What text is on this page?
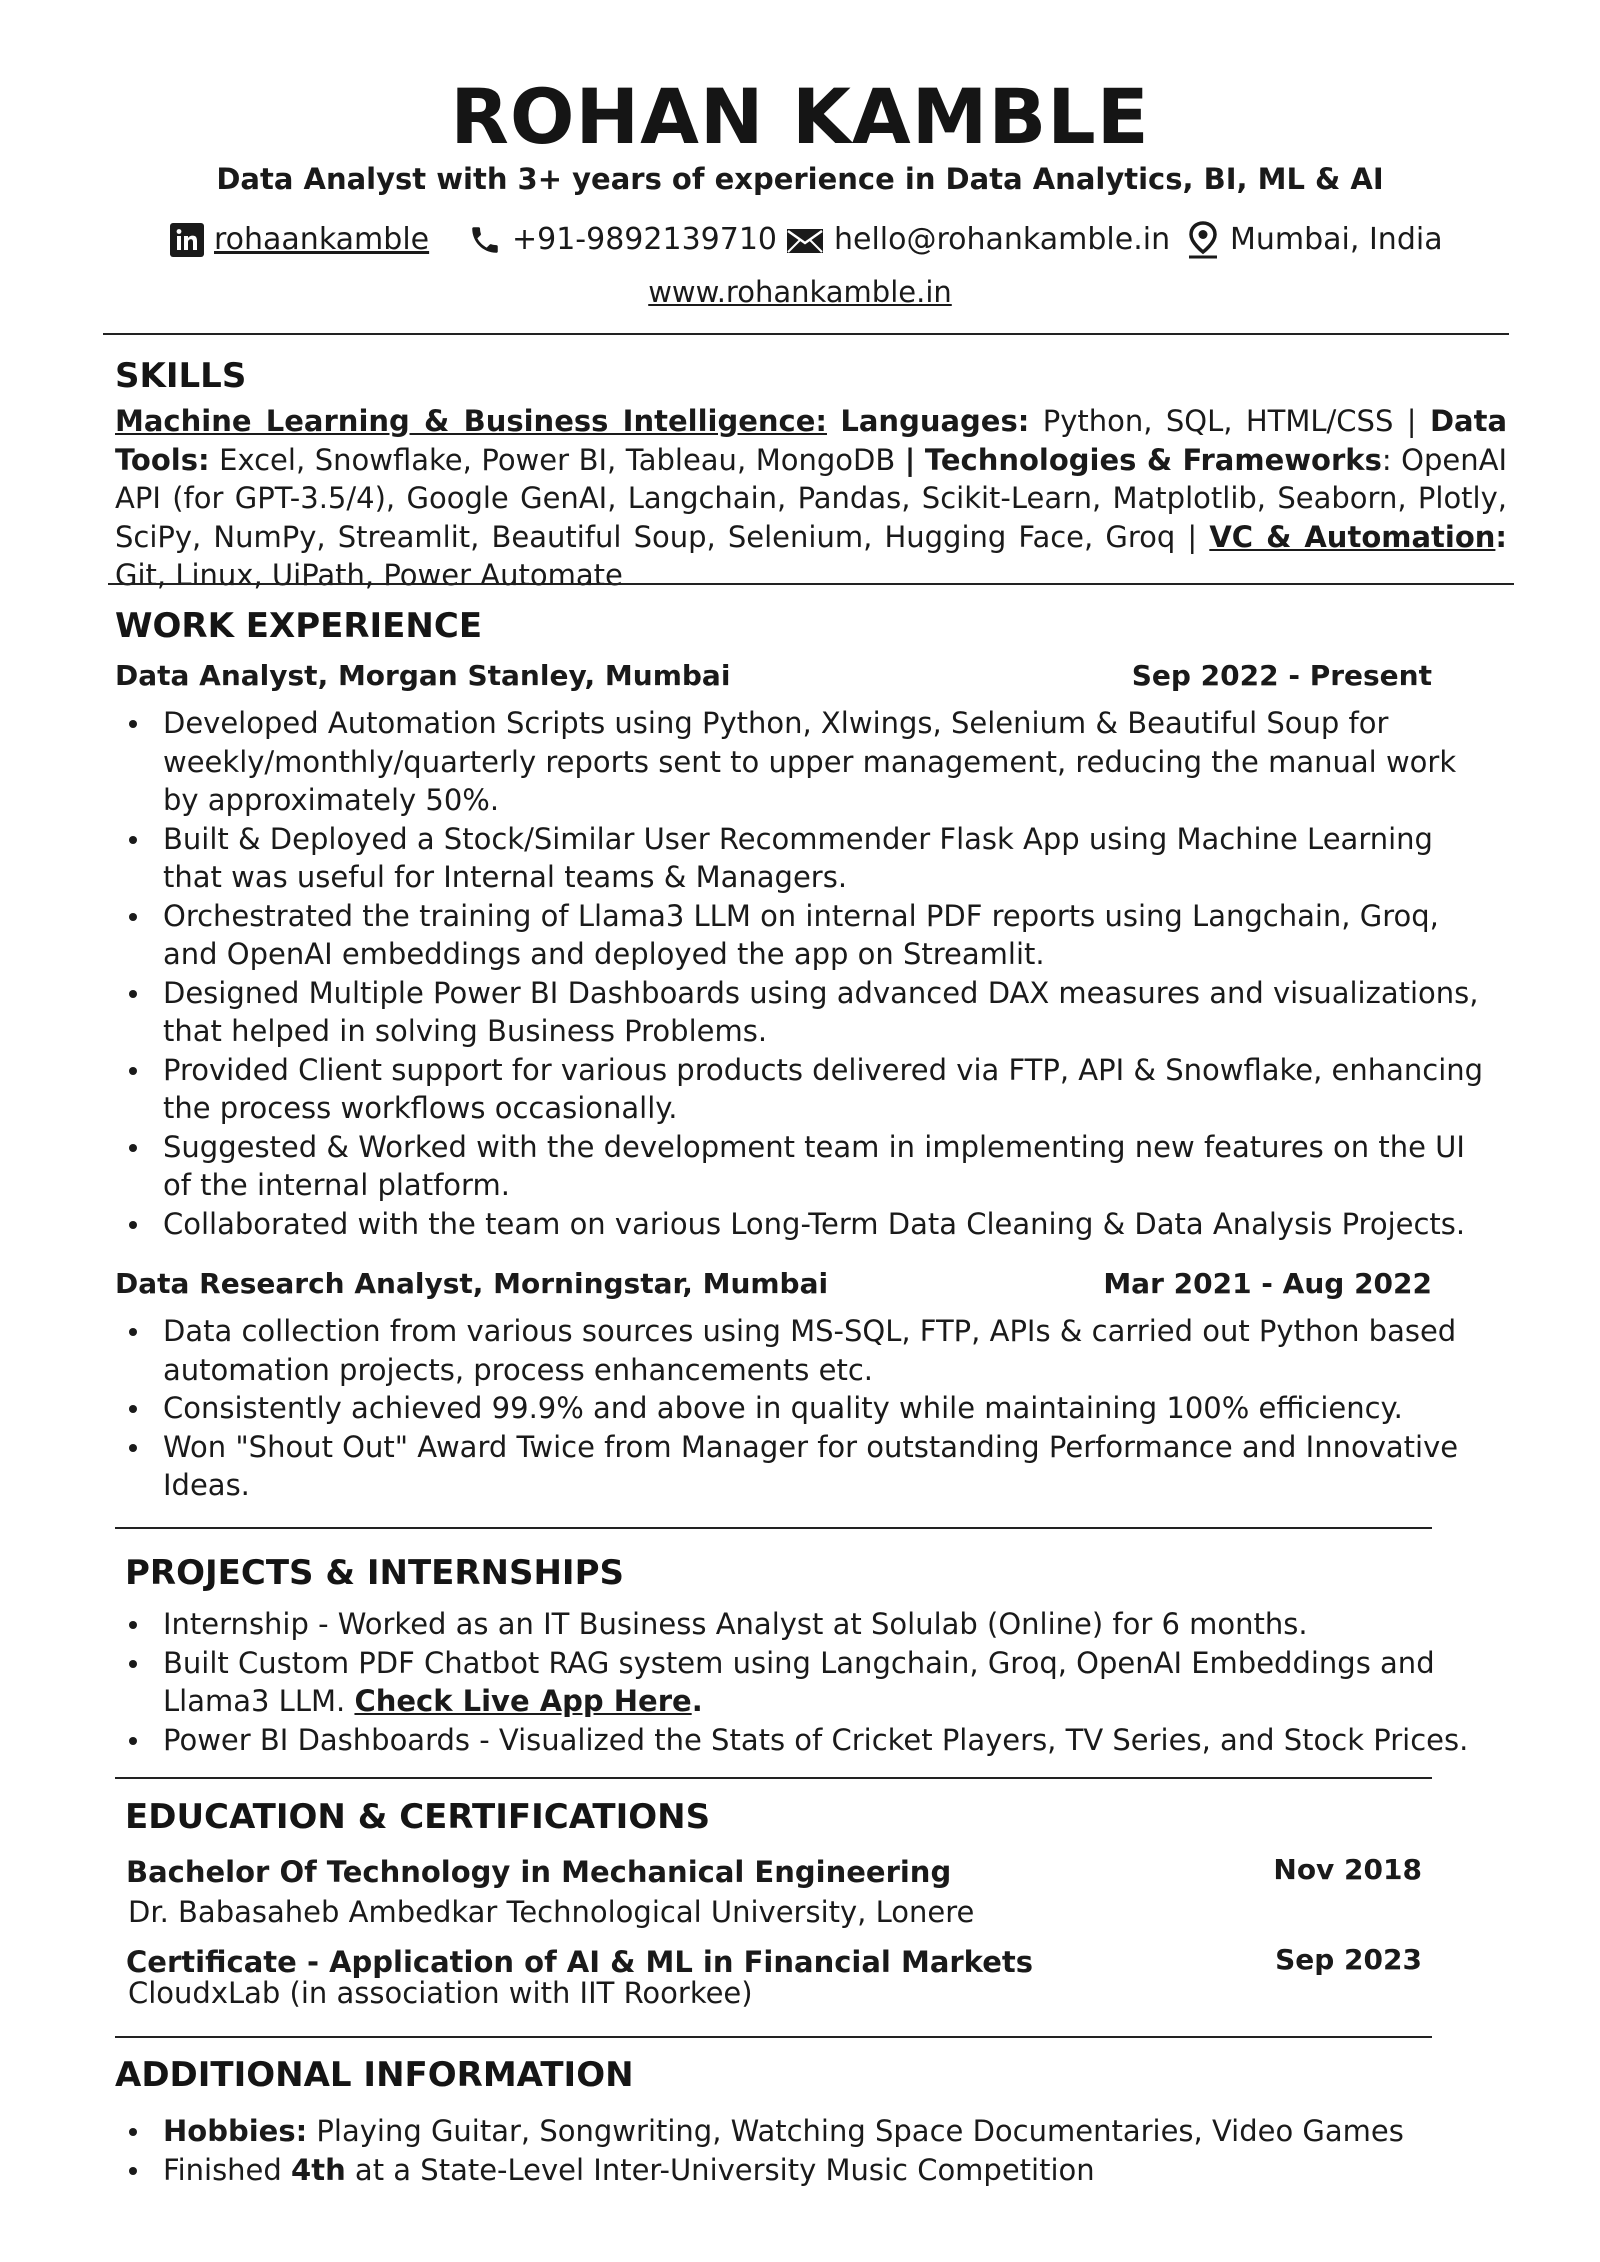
ROHAN KAMBLE
Data Analyst with 3+ years of experience in Data Analytics, BI, ML & AI
rohaankamble	+91-9892139710 hello@rohankamble.in Mumbai, India
www.rohankamble.in
SKILLS
Machine Learning & Business Intelligence: Languages: Python, SQL, HTML/CSS | Data Tools: Excel, Snowflake, Power BI, Tableau, MongoDB | Technologies & Frameworks: OpenAI API (for GPT-3.5/4), Google GenAI, Langchain, Pandas, Scikit-Learn, Matplotlib, Seaborn, Plotly, SciPy, NumPy, Streamlit, Beautiful Soup, Selenium, Hugging Face, Groq | VC & Automation: Git, Linux, UiPath, Power Automate
WORK EXPERIENCE
Data Analyst, Morgan Stanley, Mumbai	Sep 2022 - Present
Developed Automation Scripts using Python, Xlwings, Selenium & Beautiful Soup for weekly/monthly/quarterly reports sent to upper management, reducing the manual work by approximately 50%.
Built & Deployed a Stock/Similar User Recommender Flask App using Machine Learning that was useful for Internal teams & Managers.
Orchestrated the training of Llama3 LLM on internal PDF reports using Langchain, Groq, and OpenAI embeddings and deployed the app on Streamlit.
Designed Multiple Power BI Dashboards using advanced DAX measures and visualizations, that helped in solving Business Problems.
Provided Client support for various products delivered via FTP, API & Snowflake, enhancing the process workflows occasionally.
Suggested & Worked with the development team in implementing new features on the UI of the internal platform.
Collaborated with the team on various Long-Term Data Cleaning & Data Analysis Projects.
Data Research Analyst, Morningstar, Mumbai	Mar 2021 - Aug 2022
Data collection from various sources using MS-SQL, FTP, APIs & carried out Python based automation projects, process enhancements etc.
Consistently achieved 99.9% and above in quality while maintaining 100% efficiency.
Won "Shout Out" Award Twice from Manager for outstanding Performance and Innovative Ideas.
PROJECTS & INTERNSHIPS
Internship - Worked as an IT Business Analyst at Solulab (Online) for 6 months.
Built Custom PDF Chatbot RAG system using Langchain, Groq, OpenAI Embeddings and Llama3 LLM. Check Live App Here.
Power BI Dashboards - Visualized the Stats of Cricket Players, TV Series, and Stock Prices.
EDUCATION & CERTIFICATIONS
Bachelor Of Technology in Mechanical Engineering	Nov 2018
Dr. Babasaheb Ambedkar Technological University, Lonere
Certificate - Application of AI & ML in Financial Markets	Sep 2023
CloudxLab (in association with IIT Roorkee)
ADDITIONAL INFORMATION
Hobbies: Playing Guitar, Songwriting, Watching Space Documentaries, Video Games
Finished 4th at a State-Level Inter-University Music Competition
